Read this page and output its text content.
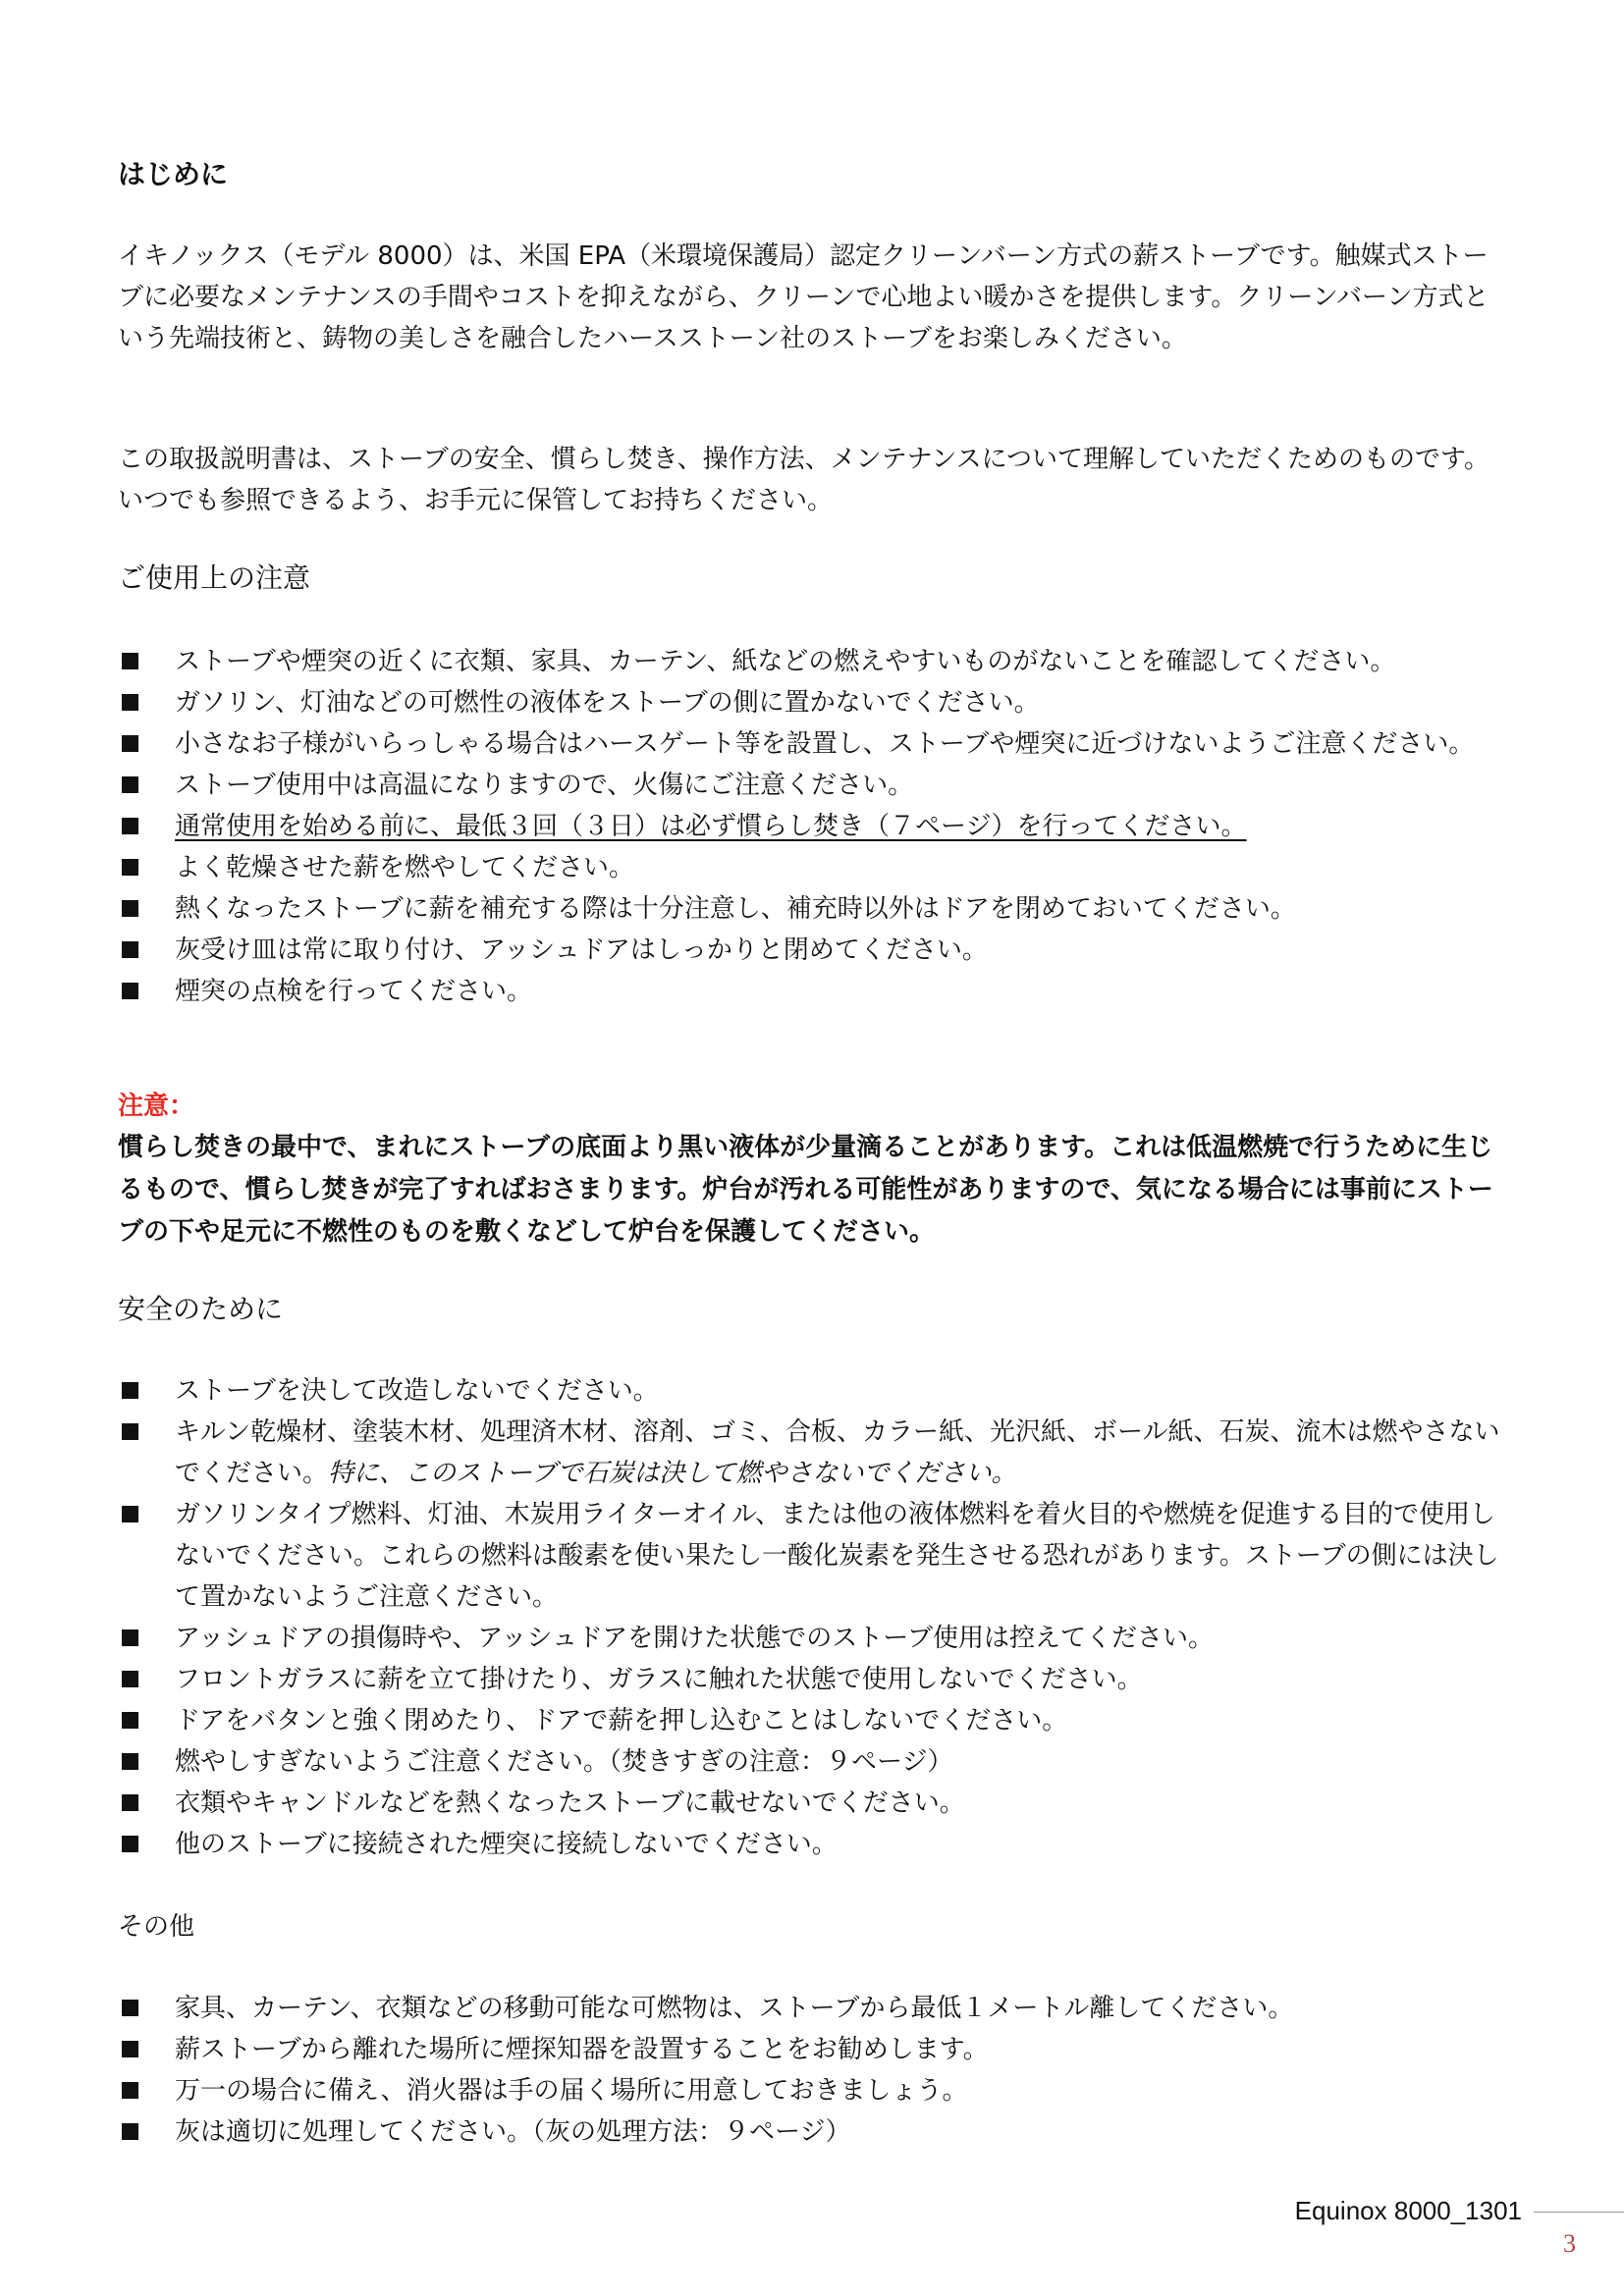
はじめに

イキノックス（モデル 8000）は、米国 EPA（米環境保護局）認定クリーンバーン方式の薪ストーブです。触媒式ストーブに必要なメンテナンスの手間やコストを抑えながら、クリーンで心地よい暖かさを提供します。クリーンバーン方式という先端技術と、鋳物の美しさを融合したハースストーン社のストーブをお楽しみください。

この取扱説明書は、ストーブの安全、慣らし焚き、操作方法、メンテナンスについて理解していただくためのものです。いつでも参照できるよう、お手元に保管してお持ちください。

ご使用上の注意
ストーブや煙突の近くに衣類、家具、カーテン、紙などの燃えやすいものがないことを確認してください。
ガソリン、灯油などの可燃性の液体をストーブの側に置かないでください。
小さなお子様がいらっしゃる場合はハースゲート等を設置し、ストーブや煙突に近づけないようご注意ください。
ストーブ使用中は高温になりますので、火傷にご注意ください。
通常使用を始める前に、最低３回（３日）は必ず慣らし焚き（７ページ）を行ってください。
よく乾燥させた薪を燃やしてください。
熱くなったストーブに薪を補充する際は十分注意し、補充時以外はドアを閉めておいてください。
灰受け皿は常に取り付け、アッシュドアはしっかりと閉めてください。
煙突の点検を行ってください。

注意：

慣らし焚きの最中で、まれにストーブの底面より黒い液体が少量滴ることがあります。これは低温燃焼で行うために生じるもので、慣らし焚きが完了すればおさまります。炉台が汚れる可能性がありますので、気になる場合には事前にストーブの下や足元に不燃性のものを敷くなどして炉台を保護してください。

安全のために
ストーブを決して改造しないでください。
キルン乾燥材、塗装木材、処理済木材、溶剤、ゴミ、合板、カラー紙、光沢紙、ボール紙、石炭、流木は燃やさないでください。特に、このストーブで石炭は決して燃やさないでください。
ガソリンタイプ燃料、灯油、木炭用ライターオイル、または他の液体燃料を着火目的や燃焼を促進する目的で使用しないでください。これらの燃料は酸素を使い果たし一酸化炭素を発生させる恐れがあります。ストーブの側には決して置かないようご注意ください。
アッシュドアの損傷時や、アッシュドアを開けた状態でのストーブ使用は控えてください。
フロントガラスに薪を立て掛けたり、ガラスに触れた状態で使用しないでください。
ドアをバタンと強く閉めたり、ドアで薪を押し込むことはしないでください。
燃やしすぎないようご注意ください。（焚きすぎの注意：９ページ）
衣類やキャンドルなどを熱くなったストーブに載せないでください。
他のストーブに接続された煙突に接続しないでください。
その他
家具、カーテン、衣類などの移動可能な可燃物は、ストーブから最低１メートル離してください。
薪ストーブから離れた場所に煙探知器を設置することをお勧めします。
万一の場合に備え、消火器は手の届く場所に用意しておきましょう。
灰は適切に処理してください。（灰の処理方法：９ページ）
Equinox 8000_1301
3
